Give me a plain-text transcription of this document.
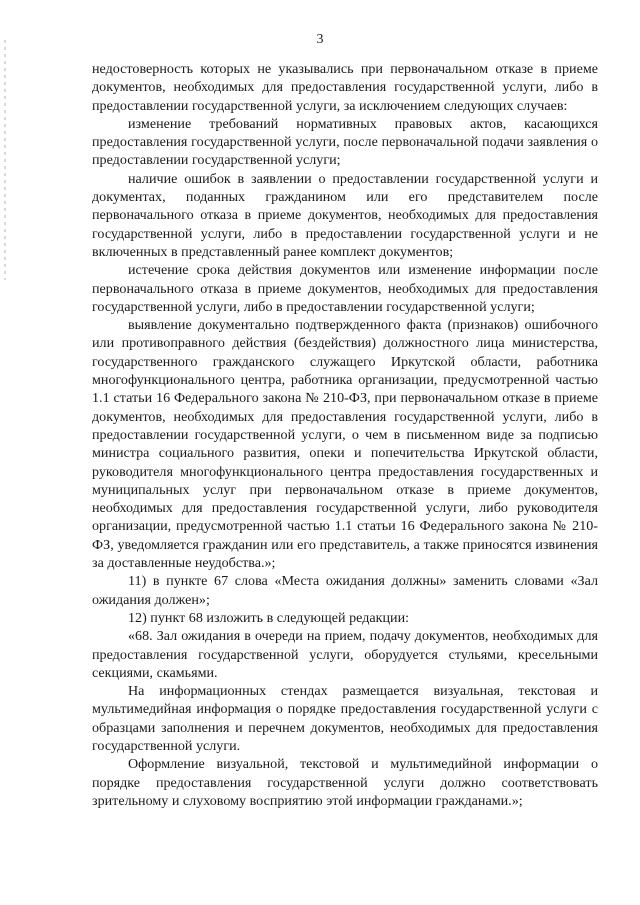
3

недостоверность которых не указывались при первоначальном отказе в приеме документов, необходимых для предоставления государственной услуги, либо в предоставлении государственной услуги, за исключением следующих случаев:

изменение требований нормативных правовых актов, касающихся предоставления государственной услуги, после первоначальной подачи заявления о предоставлении государственной услуги;

наличие ошибок в заявлении о предоставлении государственной услуги и документах, поданных гражданином или его представителем после первоначального отказа в приеме документов, необходимых для предоставления государственной услуги, либо в предоставлении государственной услуги и не включенных в представленный ранее комплект документов;

истечение срока действия документов или изменение информации после первоначального отказа в приеме документов, необходимых для предоставления государственной услуги, либо в предоставлении государственной услуги;

выявление документально подтвержденного факта (признаков) ошибочного или противоправного действия (бездействия) должностного лица министерства, государственного гражданского служащего Иркутской области, работника многофункционального центра, работника организации, предусмотренной частью 1.1 статьи 16 Федерального закона № 210-ФЗ, при первоначальном отказе в приеме документов, необходимых для предоставления государственной услуги, либо в предоставлении государственной услуги, о чем в письменном виде за подписью министра социального развития, опеки и попечительства Иркутской области, руководителя многофункционального центра предоставления государственных и муниципальных услуг при первоначальном отказе в приеме документов, необходимых для предоставления государственной услуги, либо руководителя организации, предусмотренной частью 1.1 статьи 16 Федерального закона № 210-ФЗ, уведомляется гражданин или его представитель, а также приносятся извинения за доставленные неудобства.»;

11) в пункте 67 слова «Места ожидания должны» заменить словами «Зал ожидания должен»;

12) пункт 68 изложить в следующей редакции:

«68. Зал ожидания в очереди на прием, подачу документов, необходимых для предоставления государственной услуги, оборудуется стульями, кресельными секциями, скамьями.

На информационных стендах размещается визуальная, текстовая и мультимедийная информация о порядке предоставления государственной услуги с образцами заполнения и перечнем документов, необходимых для предоставления государственной услуги.

Оформление визуальной, текстовой и мультимедийной информации о порядке предоставления государственной услуги должно соответствовать зрительному и слуховому восприятию этой информации гражданами.»;
